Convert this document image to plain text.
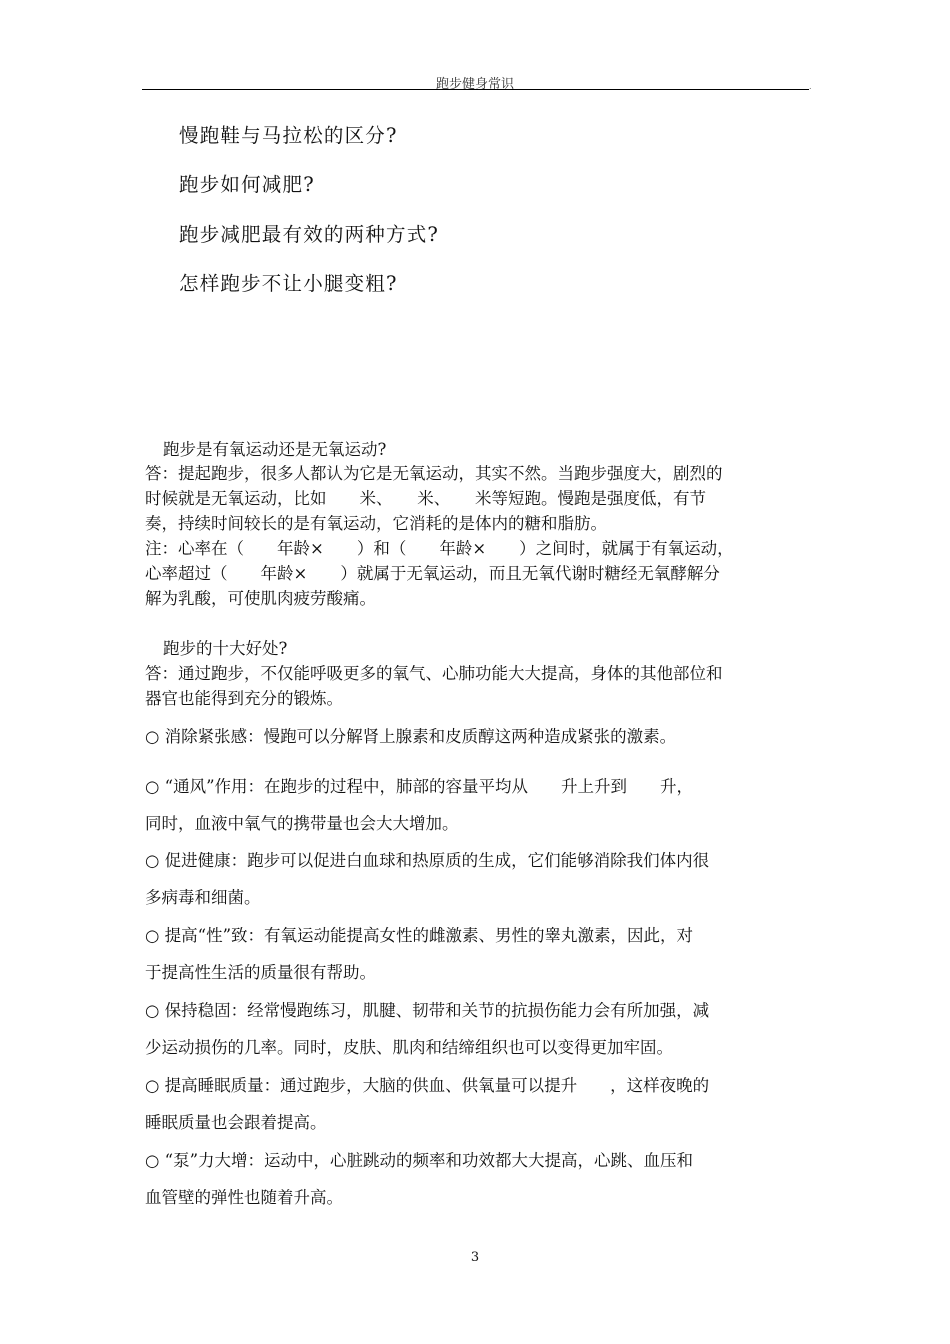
跑步健身常识	.
慢跑鞋与马拉松的区分?
跑步如何减肥?
跑步减肥最有效的两种方式?
怎样跑步不让小腿变粗?
跑步是有氧运动还是无氧运动?
答：提起跑步，很多人都认为它是无氧运动，其实不然。当跑步强度大，剧烈的
时候就是无氧运动，比如　　米、　　米、　　米等短跑。慢跑是强度低，有节
奏，持续时间较长的是有氧运动，它消耗的是体内的糖和脂肪。
注：心率在（　　年龄×　　）和（　　年龄×　　）之间时，就属于有氧运动，
心率超过（　　年龄×　　）就属于无氧运动，而且无氧代谢时糖经无氧酵解分
解为乳酸，可使肌肉疲劳酸痛。
跑步的十大好处?
答：通过跑步，不仅能呼吸更多的氧气、心肺功能大大提高，身体的其他部位和
器官也能得到充分的锻炼。
○ 消除紧张感：慢跑可以分解肾上腺素和皮质醇这两种造成紧张的激素。
○ “通风”作用：在跑步的过程中，肺部的容量平均从　　升上升到　　升，
同时，血液中氧气的携带量也会大大增加。
○ 促进健康：跑步可以促进白血球和热原质的生成，它们能够消除我们体内很
多病毒和细菌。
○ 提高“性”致：有氧运动能提高女性的雌激素、男性的睾丸激素，因此，对
于提高性生活的质量很有帮助。
○ 保持稳固：经常慢跑练习，肌腱、韧带和关节的抗损伤能力会有所加强，减
少运动损伤的几率。同时，皮肤、肌肉和结缔组织也可以变得更加牢固。
○ 提高睡眠质量：通过跑步，大脑的供血、供氧量可以提升　　，这样夜晚的
睡眠质量也会跟着提高。
○ “泵”力大增：运动中，心脏跳动的频率和功效都大大提高，心跳、血压和
血管壁的弹性也随着升高。
3
